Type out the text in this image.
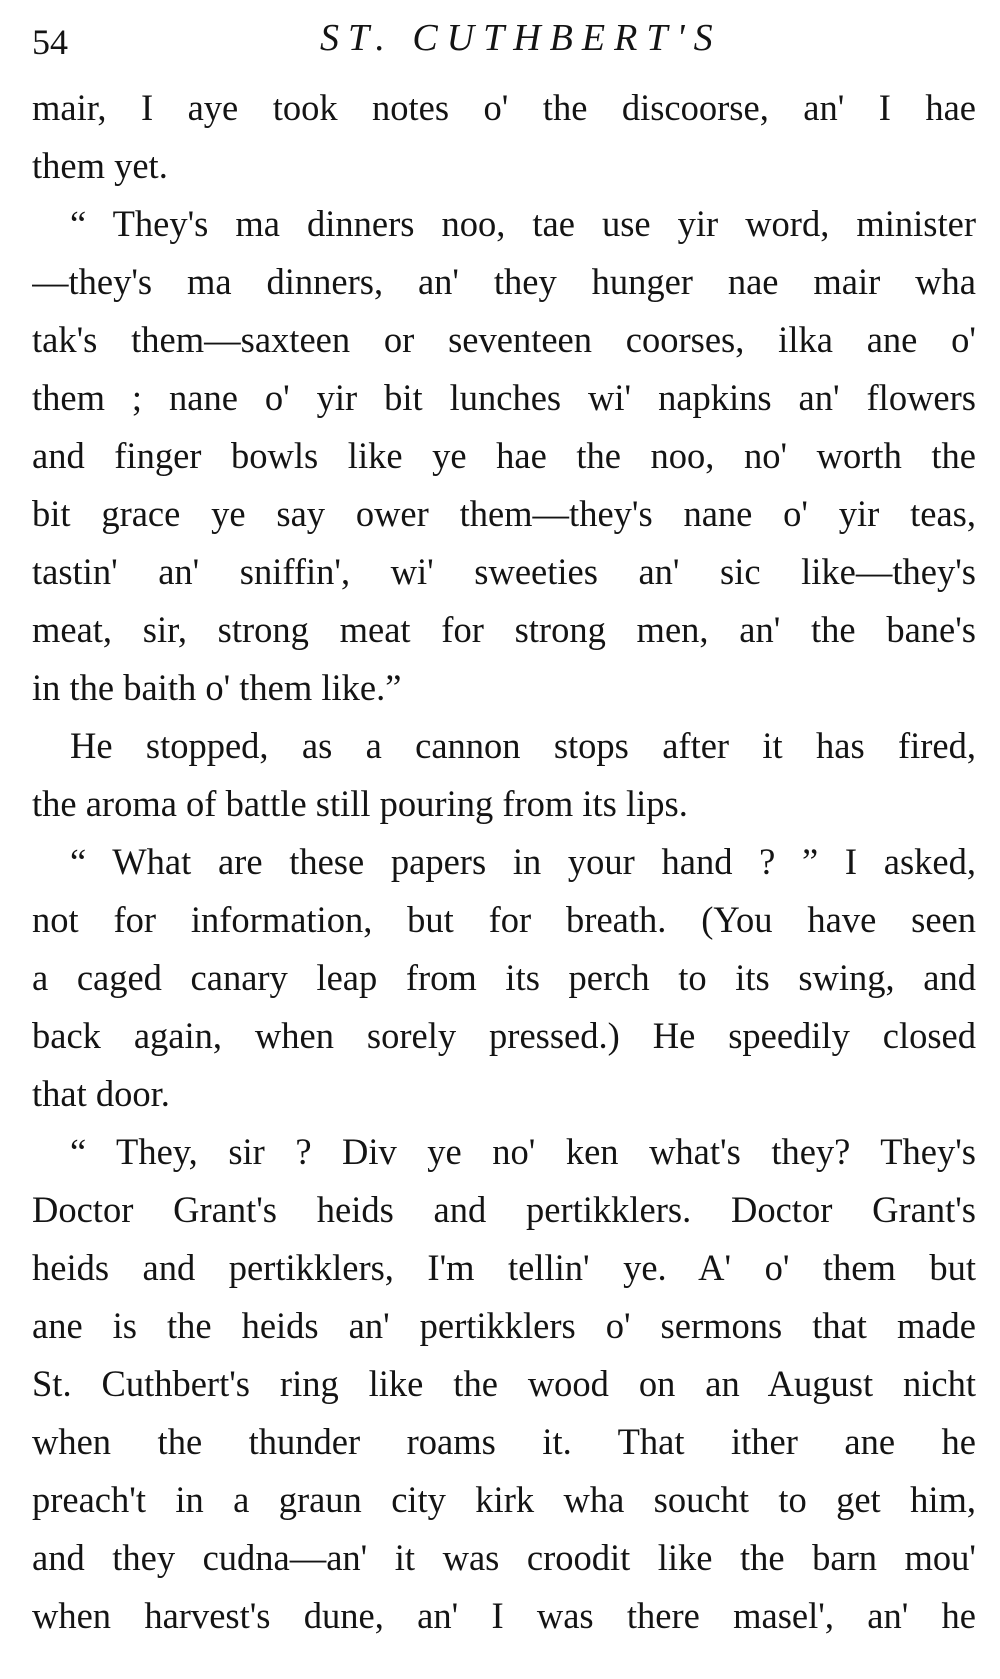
54	ST. CUTHBERT'S
mair, I aye took notes o' the discoorse, an' I hae
them yet.
“ They's ma dinners noo, tae use yir word, minister
—they's ma dinners, an' they hunger nae mair wha
tak's them—saxteen or seventeen coorses, ilka ane o'
them ; nane o' yir bit lunches wi' napkins an' flowers
and finger bowls like ye hae the noo, no' worth the
bit grace ye say ower them—they's nane o' yir teas,
tastin' an' sniffin', wi' sweeties an' sic like—they's
meat, sir, strong meat for strong men, an' the bane's
in the baith o' them like.”
He stopped, as a cannon stops after it has fired,
the aroma of battle still pouring from its lips.
“ What are these papers in your hand ? ” I asked,
not for information, but for breath. (You have seen
a caged canary leap from its perch to its swing, and
back again, when sorely pressed.) He speedily closed
that door.
“ They, sir ? Div ye no' ken what's they? They's
Doctor Grant's heids and pertikklers. Doctor Grant's
heids and pertikklers, I'm tellin' ye. A' o' them but
ane is the heids an' pertikklers o' sermons that made
St. Cuthbert's ring like the wood on an August nicht
when the thunder roams it. That ither ane he
preach't in a graun city kirk wha soucht to get him,
and they cudna—an' it was croodit like the barn mou'
when harvest's dune, an' I was there masel', an' he
